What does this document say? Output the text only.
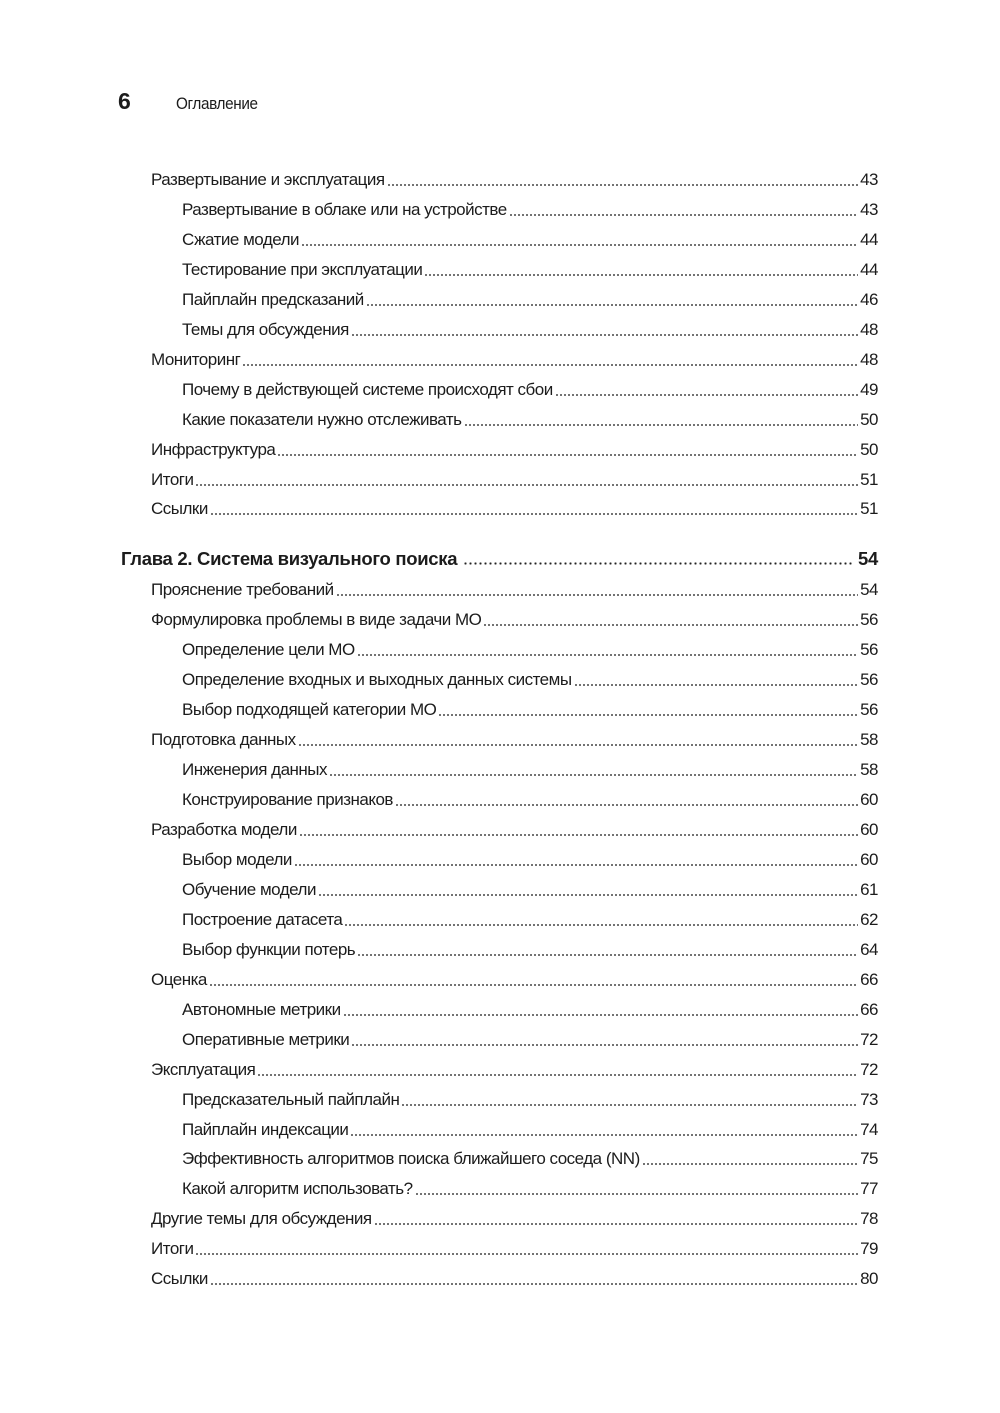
6	Оглавление
Развертывание и эксплуатация	43
Развертывание в облаке или на устройстве	43
Сжатие модели	44
Тестирование при эксплуатации	44
Пайплайн предсказаний	46
Темы для обсуждения	48
Мониторинг	48
Почему в действующей системе происходят сбои	49
Какие показатели нужно отслеживать	50
Инфраструктура	50
Итоги	51
Ссылки	51
Глава 2. Система визуального поиска	54
Прояснение требований	54
Формулировка проблемы в виде задачи МО	56
Определение цели МО	56
Определение входных и выходных данных системы	56
Выбор подходящей категории МО	56
Подготовка данных	58
Инженерия данных	58
Конструирование признаков	60
Разработка модели	60
Выбор модели	60
Обучение модели	61
Построение датасета	62
Выбор функции потерь	64
Оценка	66
Автономные метрики	66
Оперативные метрики	72
Эксплуатация	72
Предсказательный пайплайн	73
Пайплайн индексации	74
Эффективность алгоритмов поиска ближайшего соседа (NN)	75
Какой алгоритм использовать?	77
Другие темы для обсуждения	78
Итоги	79
Ссылки	80
